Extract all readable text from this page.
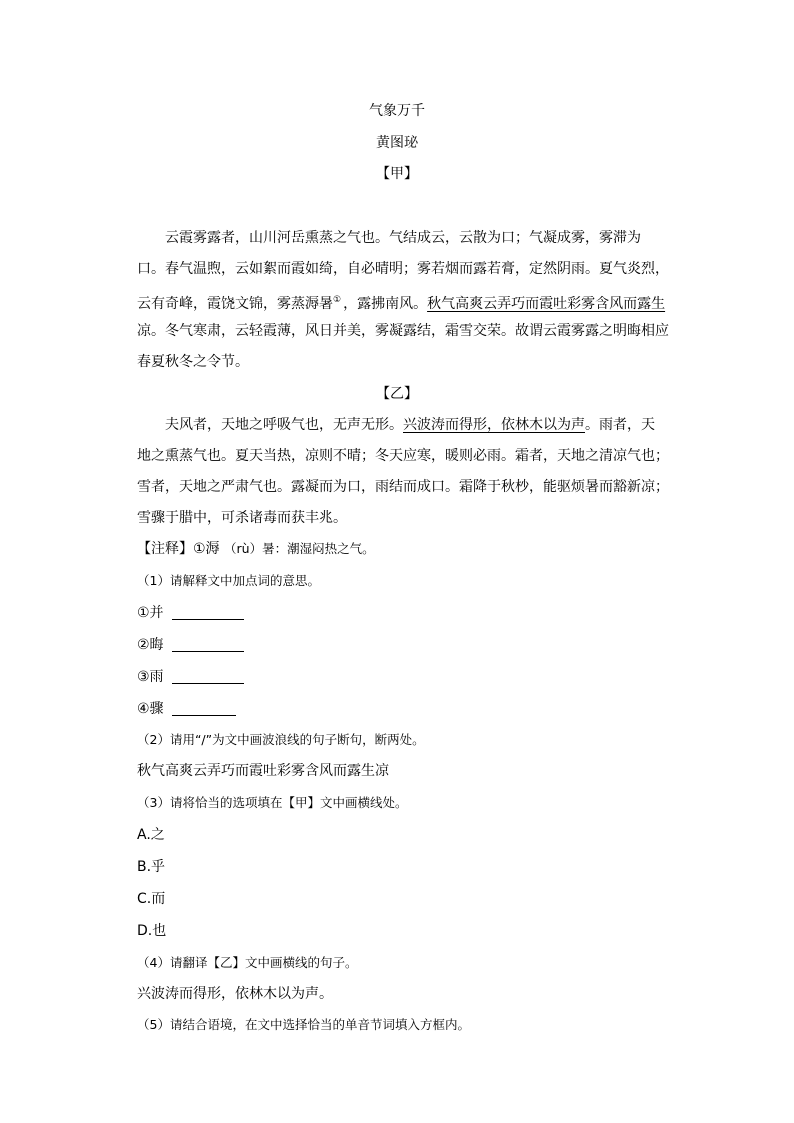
气象万千
黄图珌
【甲】
云霞雾露者，山川河岳熏蒸之气也。气结成云，云散为口；气凝成雾，雾滞为
口。春气温煦，云如絮而霞如绮，自必晴明；雾若烟而露若膏，定然阴雨。夏气炎烈，
云有奇峰，霞饶文锦，雾蒸溽暑① ，露拂南风。秋气高爽云弄巧而霞吐彩雾含风而露生
凉。冬气寒肃，云轻霞薄，风日并美，雾凝露结，霜雪交荣。故谓云霞雾露之明晦相应
春夏秋冬之令节。
【乙】
夫风者，天地之呼吸气也，无声无形。兴波涛而得形，依林木以为声。雨者，天
地之熏蒸气也。夏天当热，凉则不晴；冬天应寒，暖则必雨。霜者，天地之清凉气也；
雪者，天地之严肃气也。露凝而为口，雨结而成口。霜降于秋杪，能驱烦暑而豁新凉；
雪骤于腊中，可杀诸毒而获丰兆。
【注释】①溽 （rù）暑：潮湿闷热之气。
（1）请解释文中加点词的意思。
①并
②晦
③雨
④骤
（2）请用“/”为文中画波浪线的句子断句，断两处。
秋气高爽云弄巧而霞吐彩雾含风而露生凉
（3）请将恰当的选项填在【甲】文中画横线处。
A.之
B.乎
C.而
D.也
（4）请翻译【乙】文中画横线的句子。
兴波涛而得形，依林木以为声。
（5）请结合语境，在文中选择恰当的单音节词填入方框内。
